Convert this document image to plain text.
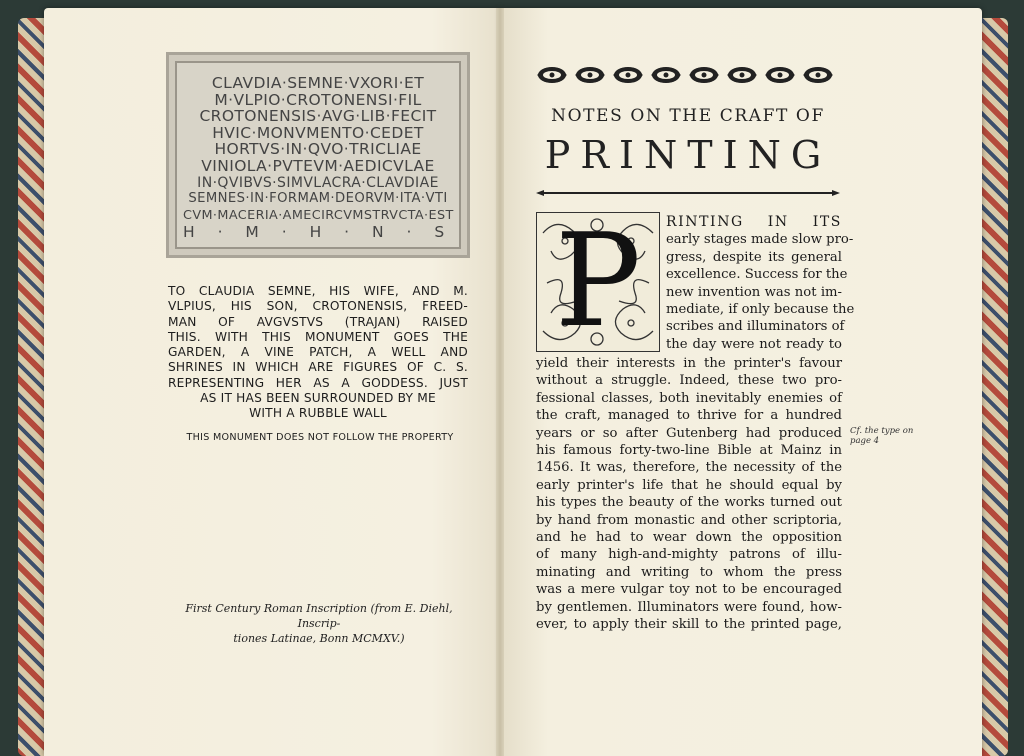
CLAVDIA·SEMNE·VXORI·ET
M·VLPIO·CROTONENSI·FIL
CROTONENSIS·AVG·LIB·FECIT
HVIC·MONVMENTO·CEDET
HORTVS·IN·QVO·TRICLIAE
VINIOLA·PVTEVM·AEDICVLAE
IN·QVIBVS·SIMVLACRA·CLAVDIAE
SEMNES·IN·FORMAM·DEORVM·ITA·VTI
CVM·MACERIA·AMECIRCVMSTRVCTA·EST
H · M · H · N · S
TO CLAUDIA SEMNE, HIS WIFE, AND M.
VLPIUS, HIS SON, CROTONENSIS, FREED-
MAN OF AVGVSTVS (TRAJAN) RAISED
THIS. WITH THIS MONUMENT GOES THE
GARDEN, A VINE PATCH, A WELL AND
SHRINES IN WHICH ARE FIGURES OF C. S.
REPRESENTING HER AS A GODDESS. JUST
AS IT HAS BEEN SURROUNDED BY ME
WITH A RUBBLE WALL
THIS MONUMENT DOES NOT FOLLOW THE PROPERTY
First Century Roman Inscription (from E. Diehl, Inscrip-
tiones Latinae, Bonn MCMXV.)
NOTES ON THE CRAFT OF
PRINTING
P	RINTING IN ITS
early stages made slow pro-
gress, despite its general
excellence. Success for the
new invention was not im-
mediate, if only because the
scribes and illuminators of
the day were not ready to
yield their interests in the printer's favour
without a struggle. Indeed, these two pro-
fessional classes, both inevitably enemies of
the craft, managed to thrive for a hundred
years or so after Gutenberg had produced
his famous forty-two-line Bible at Mainz in
1456. It was, therefore, the necessity of the
early printer's life that he should equal by
his types the beauty of the works turned out
by hand from monastic and other scriptoria,
and he had to wear down the opposition
of many high-and-mighty patrons of illu-
minating and writing to whom the press
was a mere vulgar toy not to be encouraged
by gentlemen. Illuminators were found, how-
ever, to apply their skill to the printed page,
Cf. the type on page 4
